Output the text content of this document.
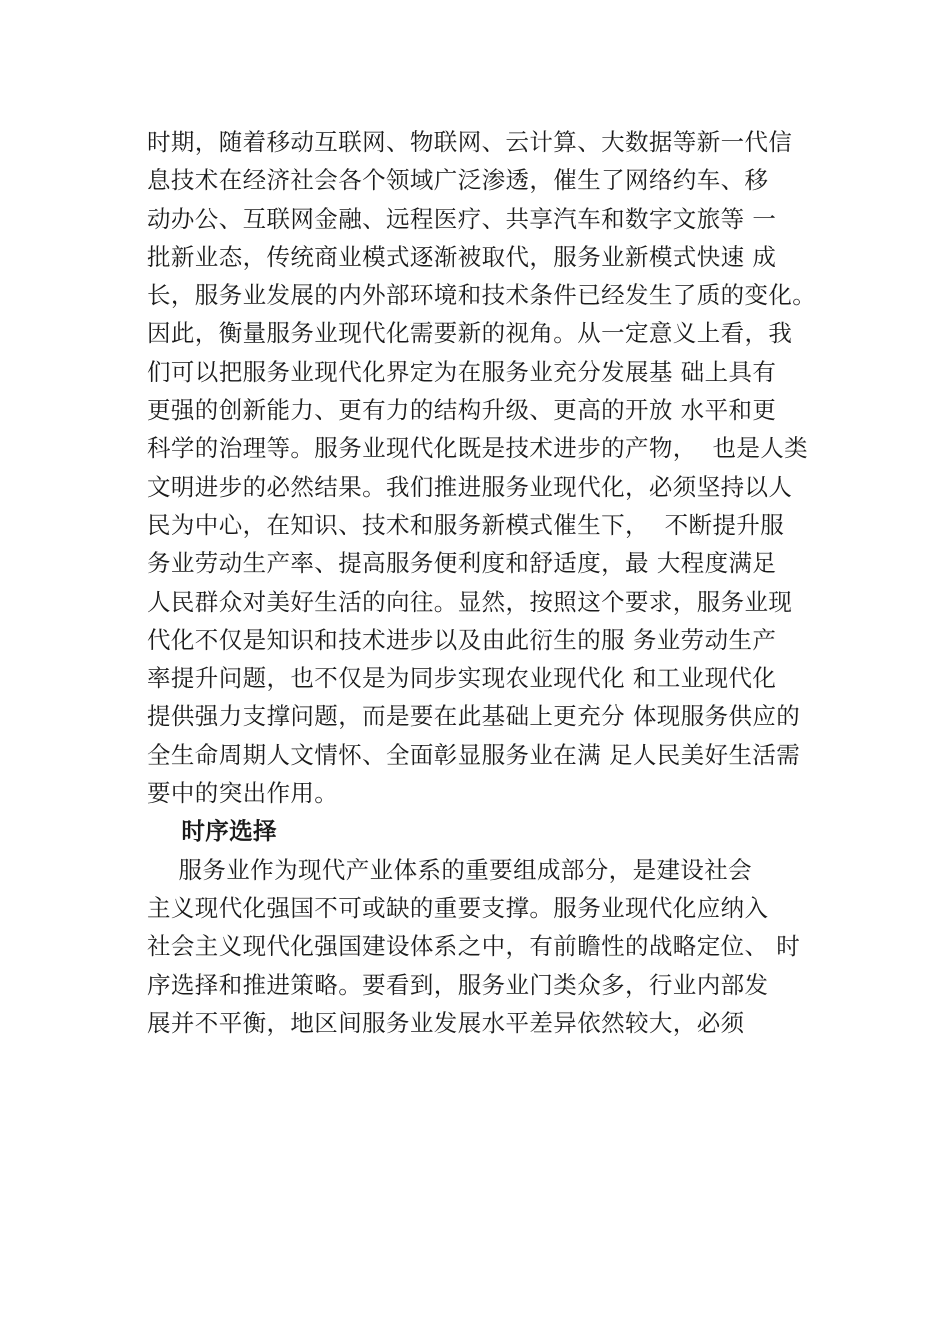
时期，随着移动互联网、物联网、云计算、大数据等新一代信
息技术在经济社会各个领域广泛渗透，催生了网络约车、移
动办公、互联网金融、远程医疗、共享汽车和数字文旅等 一
批新业态，传统商业模式逐渐被取代，服务业新模式快速 成
长，服务业发展的内外部环境和技术条件已经发生了质的变化。
因此，衡量服务业现代化需要新的视角。从一定意义上看，我
们可以把服务业现代化界定为在服务业充分发展基 础上具有
更强的创新能力、更有力的结构升级、更高的开放 水平和更
科学的治理等。服务业现代化既是技术进步的产物，  也是人类
文明进步的必然结果。我们推进服务业现代化，必须坚持以人
民为中心，在知识、技术和服务新模式催生下，  不断提升服
务业劳动生产率、提高服务便利度和舒适度，最 大程度满足
人民群众对美好生活的向往。显然，按照这个要求，服务业现
代化不仅是知识和技术进步以及由此衍生的服 务业劳动生产
率提升问题，也不仅是为同步实现农业现代化 和工业现代化
提供强力支撑问题，而是要在此基础上更充分 体现服务供应的
全生命周期人文情怀、全面彰显服务业在满 足人民美好生活需
要中的突出作用。
时序选择
服务业作为现代产业体系的重要组成部分，是建设社会
主义现代化强国不可或缺的重要支撑。服务业现代化应纳入
社会主义现代化强国建设体系之中，有前瞻性的战略定位、 时
序选择和推进策略。要看到，服务业门类众多，行业内部发
展并不平衡，地区间服务业发展水平差异依然较大，必须
